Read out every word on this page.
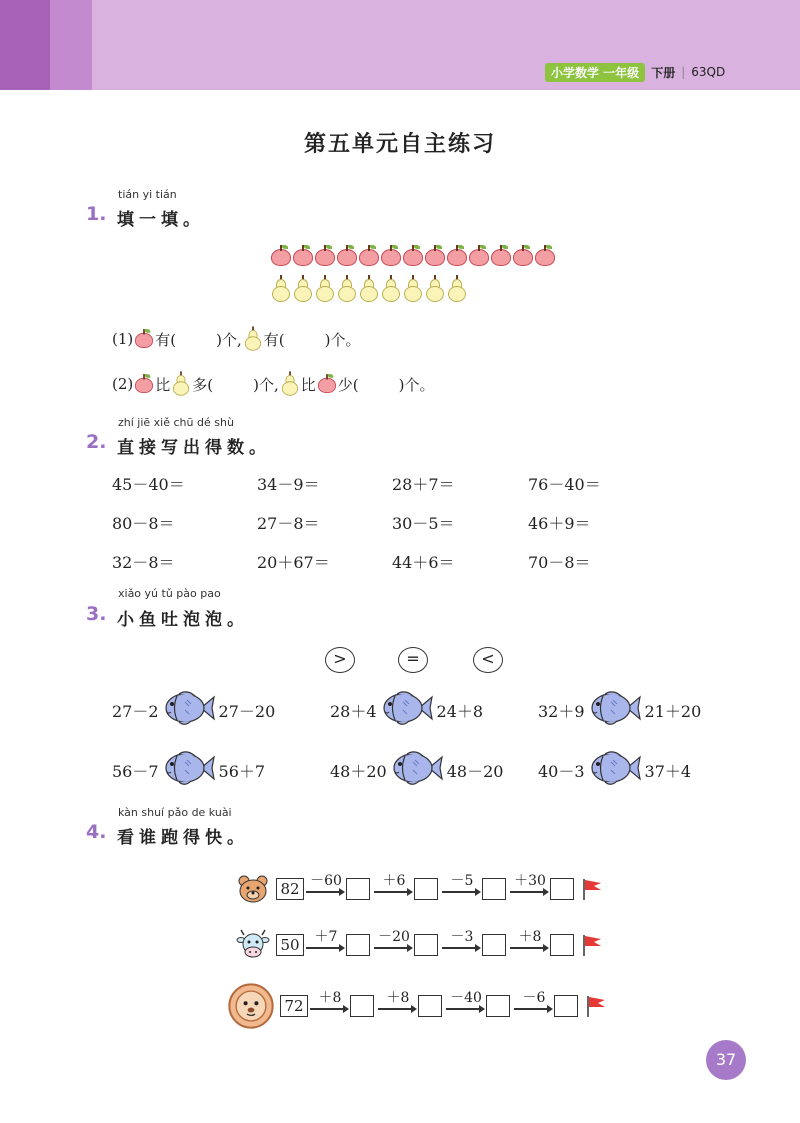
小学数学 一年级	下册 | 63QD
第五单元自主练习
tián yi tián
1. 填一填。
(1) 有(	)个, 有(	)个。
(2) 比 多(	)个, 比 少(	)个。
zhí jiē xiě chū dé shù
2. 直接写出得数。
45－40＝	34－9＝	28＋7＝	76－40＝
80－8＝	27－8＝	30－5＝	46＋9＝
32－8＝	20＋67＝	44＋6＝	70－8＝
xiǎo yú tǔ pào pao
3. 小鱼吐泡泡。
>	=	<
27－2	27－20	28＋4	24＋8	32＋9	21＋20
56－7	56＋7	48＋20	48－20 40－3	37＋4
kàn shuí pǎo de kuài
4. 看谁跑得快。
82 －60	＋6	－5	＋30
50	＋7	－20	－3	＋8
72	＋8	＋8	－40	－6
37
